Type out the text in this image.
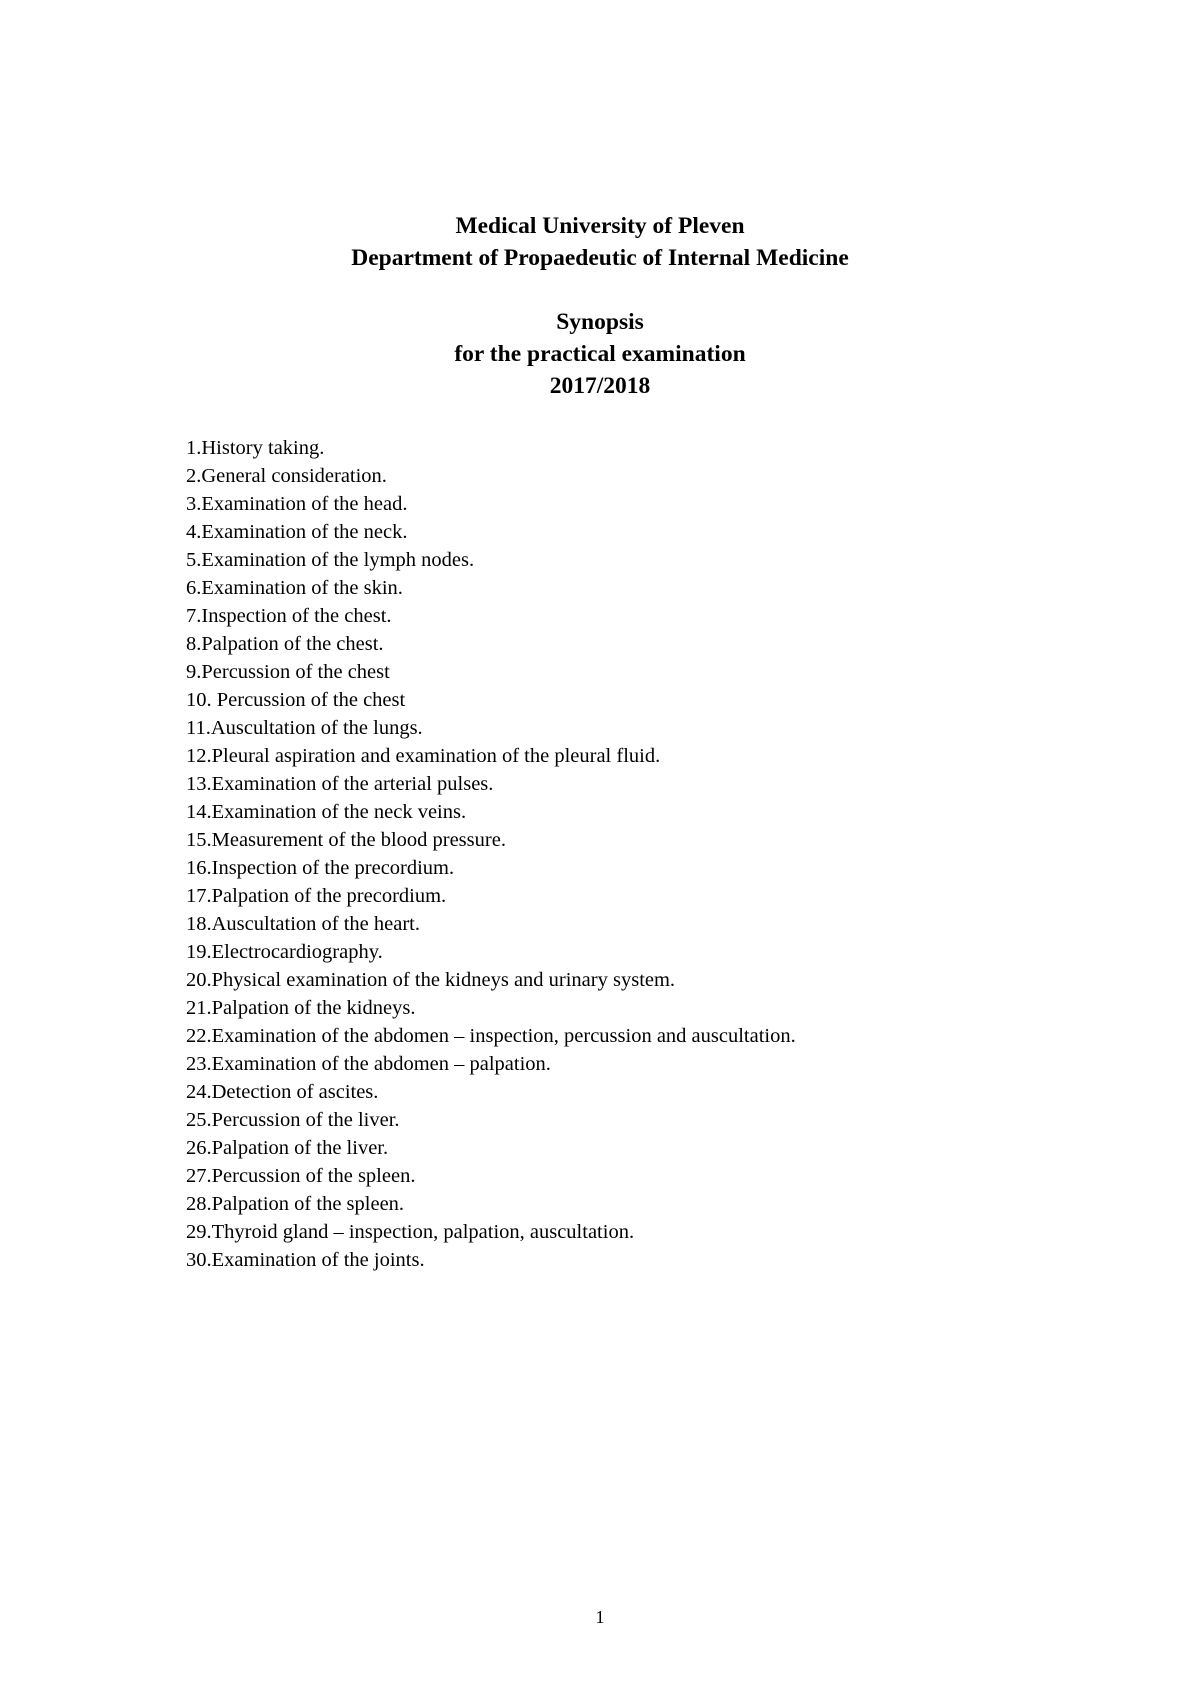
Medical University of Pleven
Department of Propaedeutic of Internal Medicine
Synopsis
for the practical examination
2017/2018
1.History taking.
2.General consideration.
3.Examination of the head.
4.Examination of the neck.
5.Examination of the lymph nodes.
6.Examination of the skin.
7.Inspection of the chest.
8.Palpation of the chest.
9.Percussion of the chest
10. Percussion of the chest
11.Auscultation of the lungs.
12.Pleural aspiration and examination of the pleural fluid.
13.Examination of the arterial pulses.
14.Examination of the neck veins.
15.Measurement of the blood pressure.
16.Inspection of the precordium.
17.Palpation of the precordium.
18.Auscultation of the heart.
19.Electrocardiography.
20.Physical examination of the kidneys and urinary system.
21.Palpation of the kidneys.
22.Examination of the abdomen – inspection, percussion and auscultation.
23.Examination of the abdomen – palpation.
24.Detection of ascites.
25.Percussion of the liver.
26.Palpation of the liver.
27.Percussion of the spleen.
28.Palpation of the spleen.
29.Thyroid gland – inspection, palpation, auscultation.
30.Examination of the joints.
1
